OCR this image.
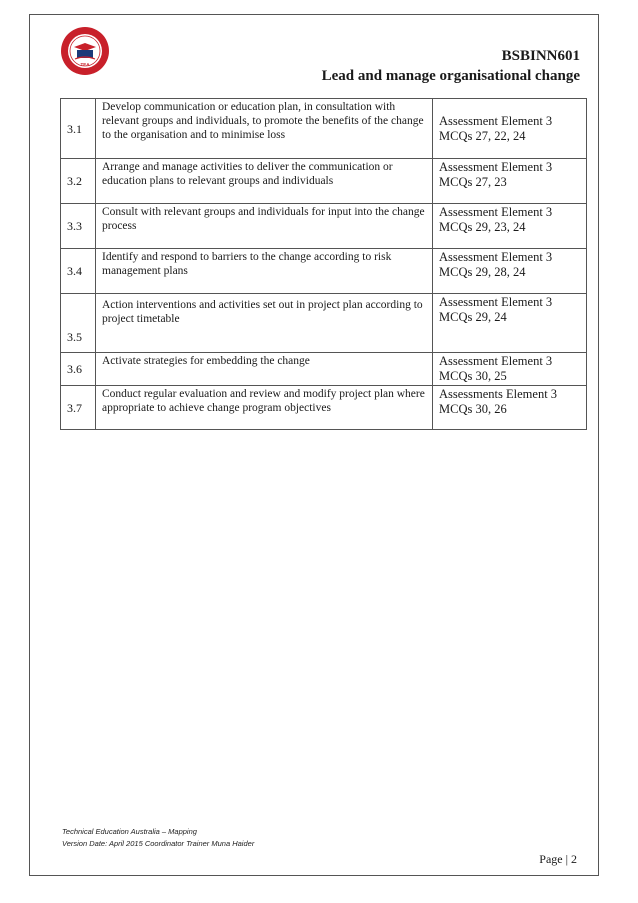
TEA
BSBINN601
Lead and manage organisational change
3.1	Develop communication or education plan, in consultation with relevant groups and individuals, to promote the benefits of the change to the organisation and to minimise loss	Assessment Element 3
MCQs 27, 22, 24

3.2	Arrange and manage activities to deliver the communication or education plans to relevant groups and individuals	Assessment Element 3
MCQs 27, 23

3.3	Consult with relevant groups and individuals for input into the change process	Assessment Element 3
MCQs 29, 23, 24

3.4	Identify and respond to barriers to the change according to risk management plans	Assessment Element 3
MCQs 29, 28, 24

3.5	Action interventions and activities set out in project plan according to project timetable	Assessment Element 3
MCQs 29, 24

3.6	Activate strategies for embedding the change	Assessment Element 3
MCQs 30, 25

3.7	Conduct regular evaluation and review and modify project plan where appropriate to achieve change program objectives	Assessments Element 3
MCQs 30, 26
Technical Education Australia – Mapping
Version Date: April 2015 Coordinator Trainer Muna Haider
Page | 2
